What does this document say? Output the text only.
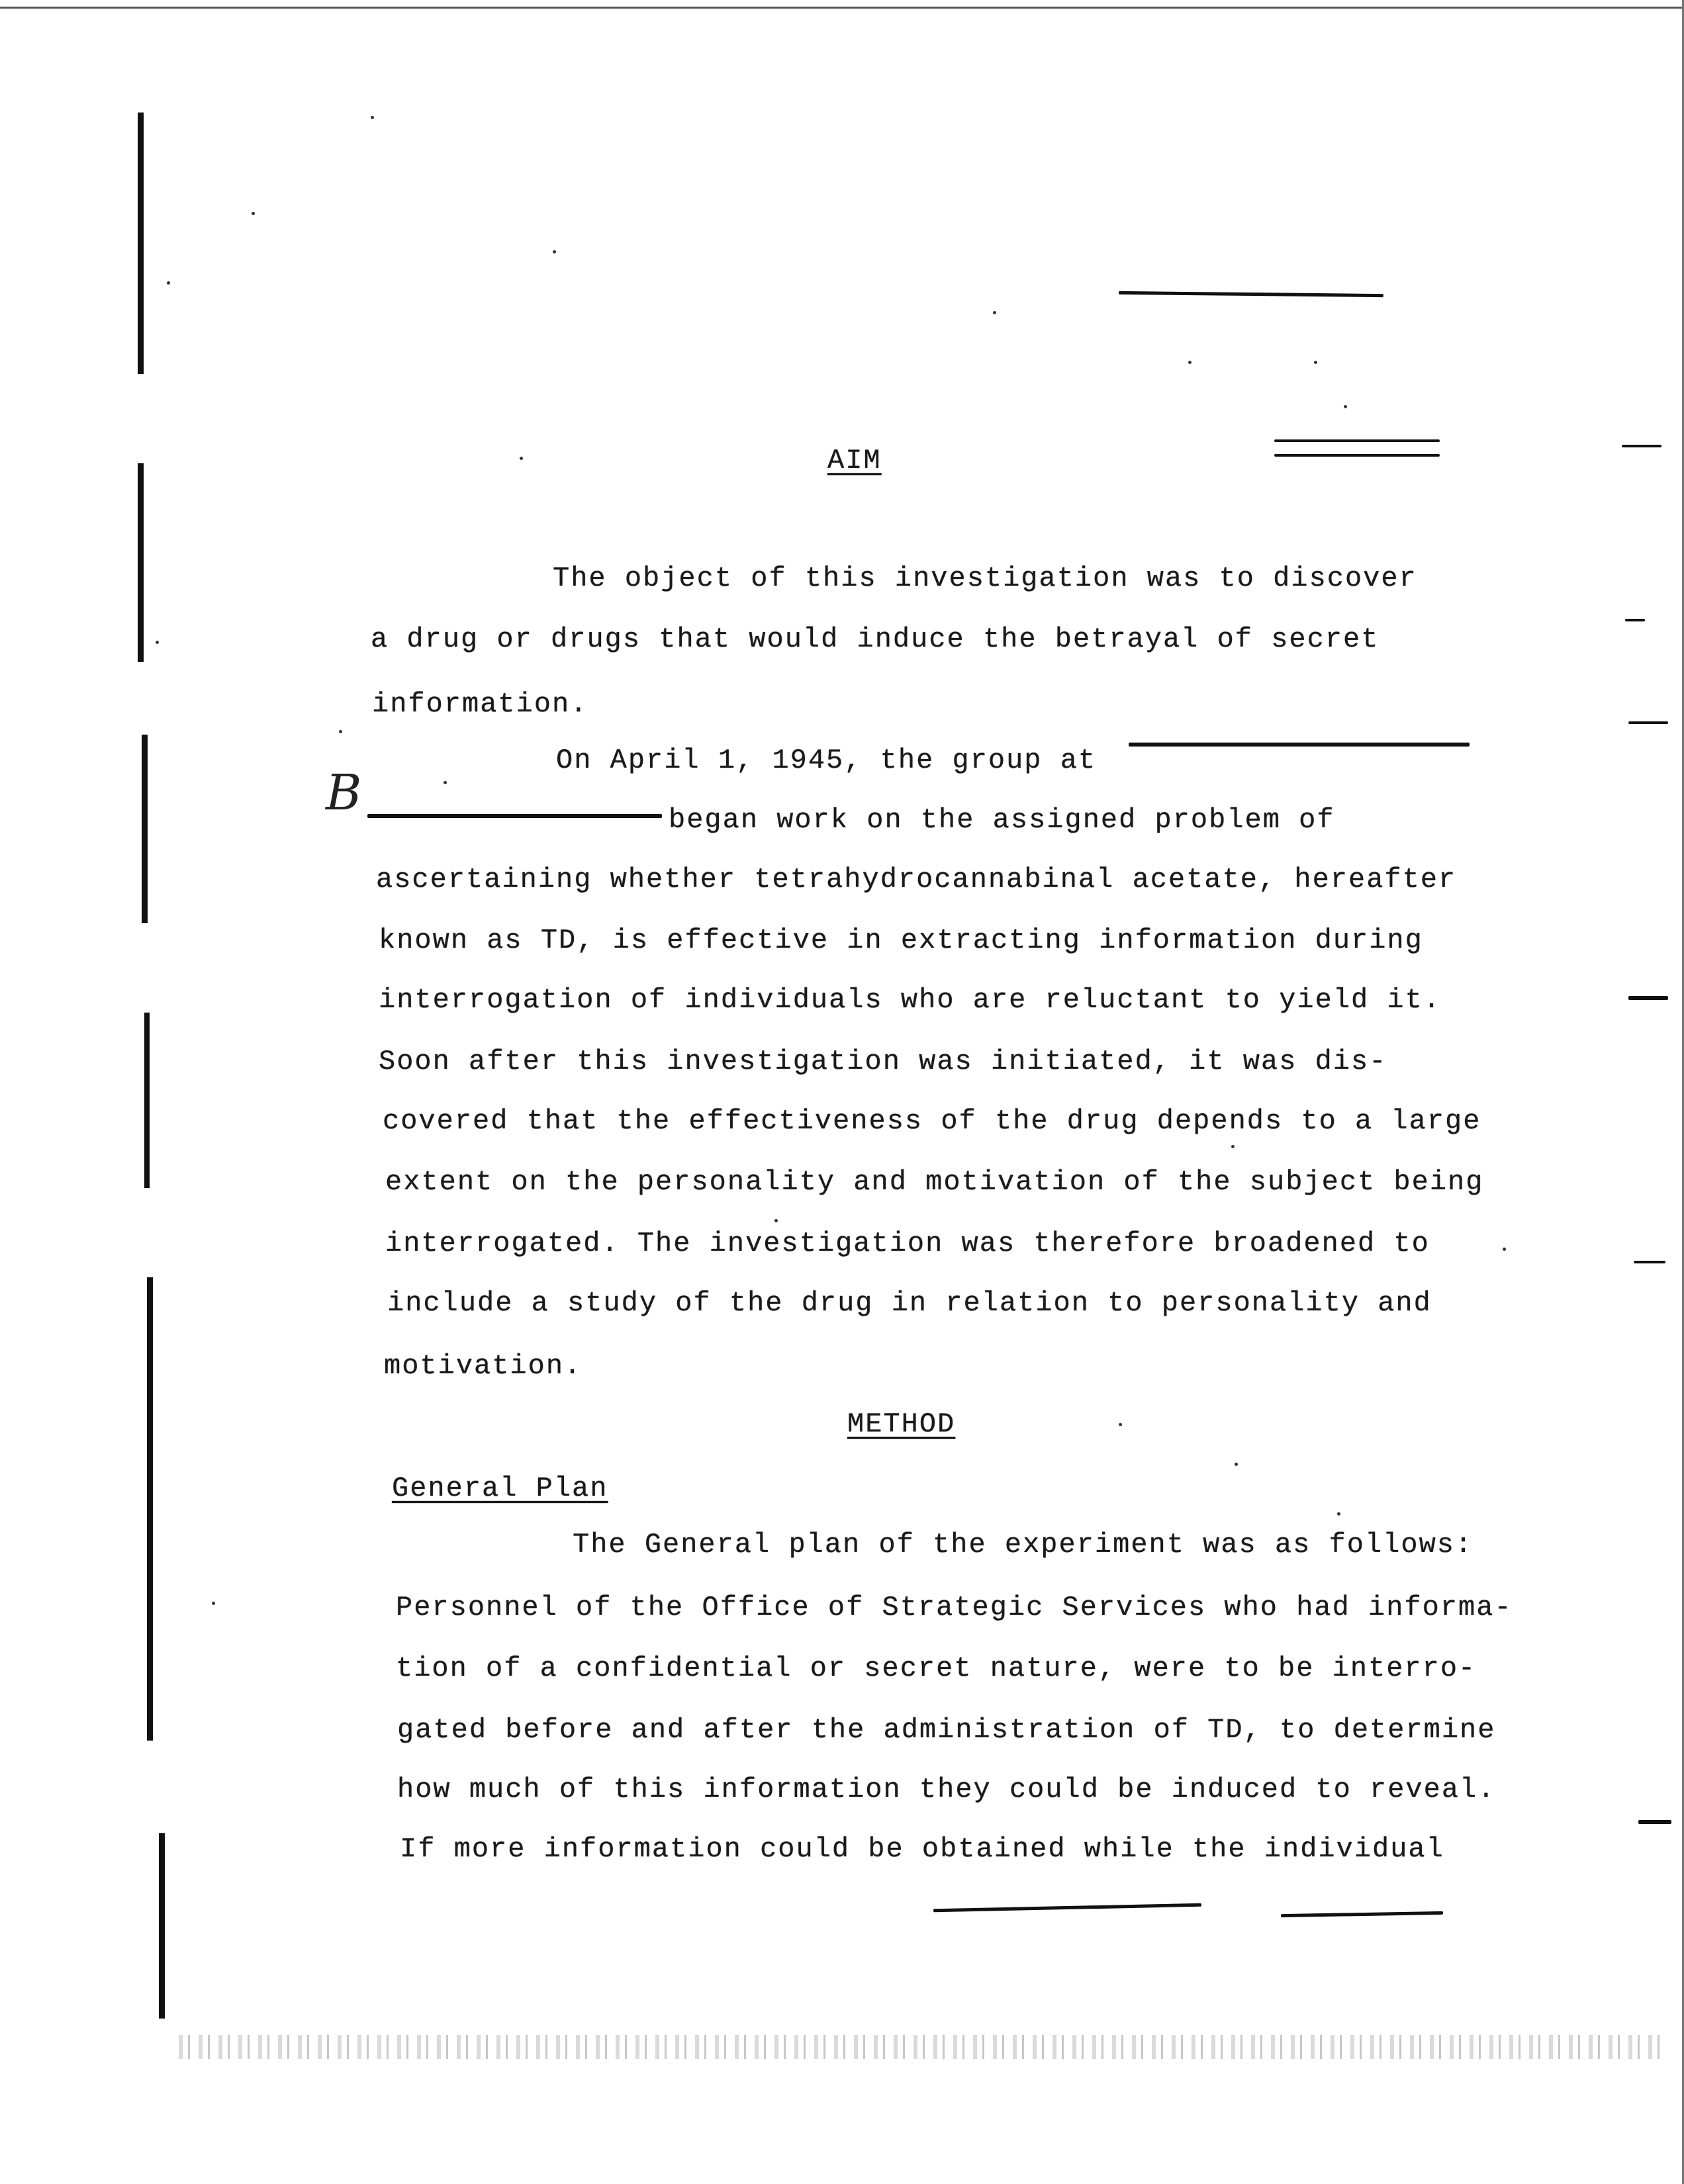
AIM
The object of this investigation was to discover
a drug or drugs that would induce the betrayal of secret
information.
On April 1, 1945, the group at
B	began work on the assigned problem of
ascertaining whether tetrahydrocannabinal acetate, hereafter
known as TD, is effective in extracting information during
interrogation of individuals who are reluctant to yield it.
Soon after this investigation was initiated, it was dis-
covered that the effectiveness of the drug depends to a large
extent on the personality and motivation of the subject being
interrogated. The investigation was therefore broadened to
include a study of the drug in relation to personality and
motivation.
METHOD
General Plan
The General plan of the experiment was as follows:
Personnel of the Office of Strategic Services who had informa-
tion of a confidential or secret nature, were to be interro-
gated before and after the administration of TD, to determine
how much of this information they could be induced to reveal.
If more information could be obtained while the individual
